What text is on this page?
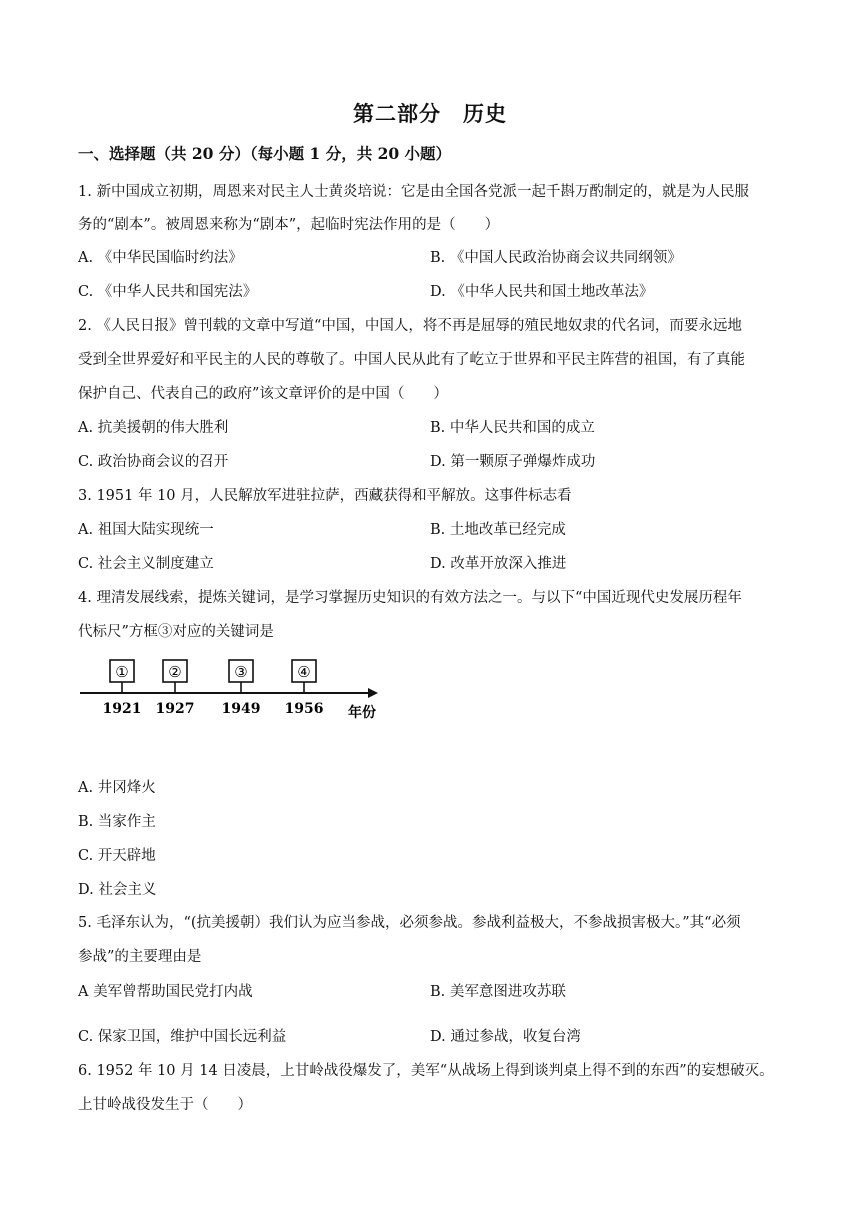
第二部分　历史
一、选择题（共 20 分）（每小题 1 分，共 20 小题）
1. 新中国成立初期，周恩来对民主人士黄炎培说：它是由全国各党派一起千斟万酌制定的，就是为人民服
务的“剧本”。被周恩来称为“剧本”，起临时宪法作用的是（　　）
A. 《中华民国临时约法》	B. 《中国人民政治协商会议共同纲领》
C. 《中华人民共和国宪法》	D. 《中华人民共和国土地改革法》
2. 《人民日报》曾刊载的文章中写道“中国，中国人，将不再是屈辱的殖民地奴隶的代名词，而要永远地
受到全世界爱好和平民主的人民的尊敬了。中国人民从此有了屹立于世界和平民主阵营的祖国，有了真能
保护自己、代表自己的政府”该文章评价的是中国（　　）
A. 抗美援朝的伟大胜利	B. 中华人民共和国的成立
C. 政治协商会议的召开	D. 第一颗原子弹爆炸成功
3. 1951 年 10 月，人民解放军进驻拉萨，西藏获得和平解放。这事件标志看
A. 祖国大陆实现统一	B. 土地改革已经完成
C. 社会主义制度建立	D. 改革开放深入推进
4. 理清发展线索，提炼关键词，是学习掌握历史知识的有效方法之一。与以下“中国近现代史发展历程年
代标尺”方框③对应的关键词是
①
1921
②
1927
③
1949
④
1956 年份
A. 井冈烽火
B. 当家作主
C. 开天辟地
D. 社会主义
5. 毛泽东认为，“(抗美援朝）我们认为应当参战，必须参战。参战利益极大，不参战损害极大。”其“必须
参战”的主要理由是
A 美军曾帮助国民党打内战	B. 美军意图进攻苏联
C. 保家卫国，维护中国长远利益	D. 通过参战，收复台湾
6. 1952 年 10 月 14 日凌晨，上甘岭战役爆发了，美军“从战场上得到谈判桌上得不到的东西”的妄想破灭。
上甘岭战役发生于（　　）
